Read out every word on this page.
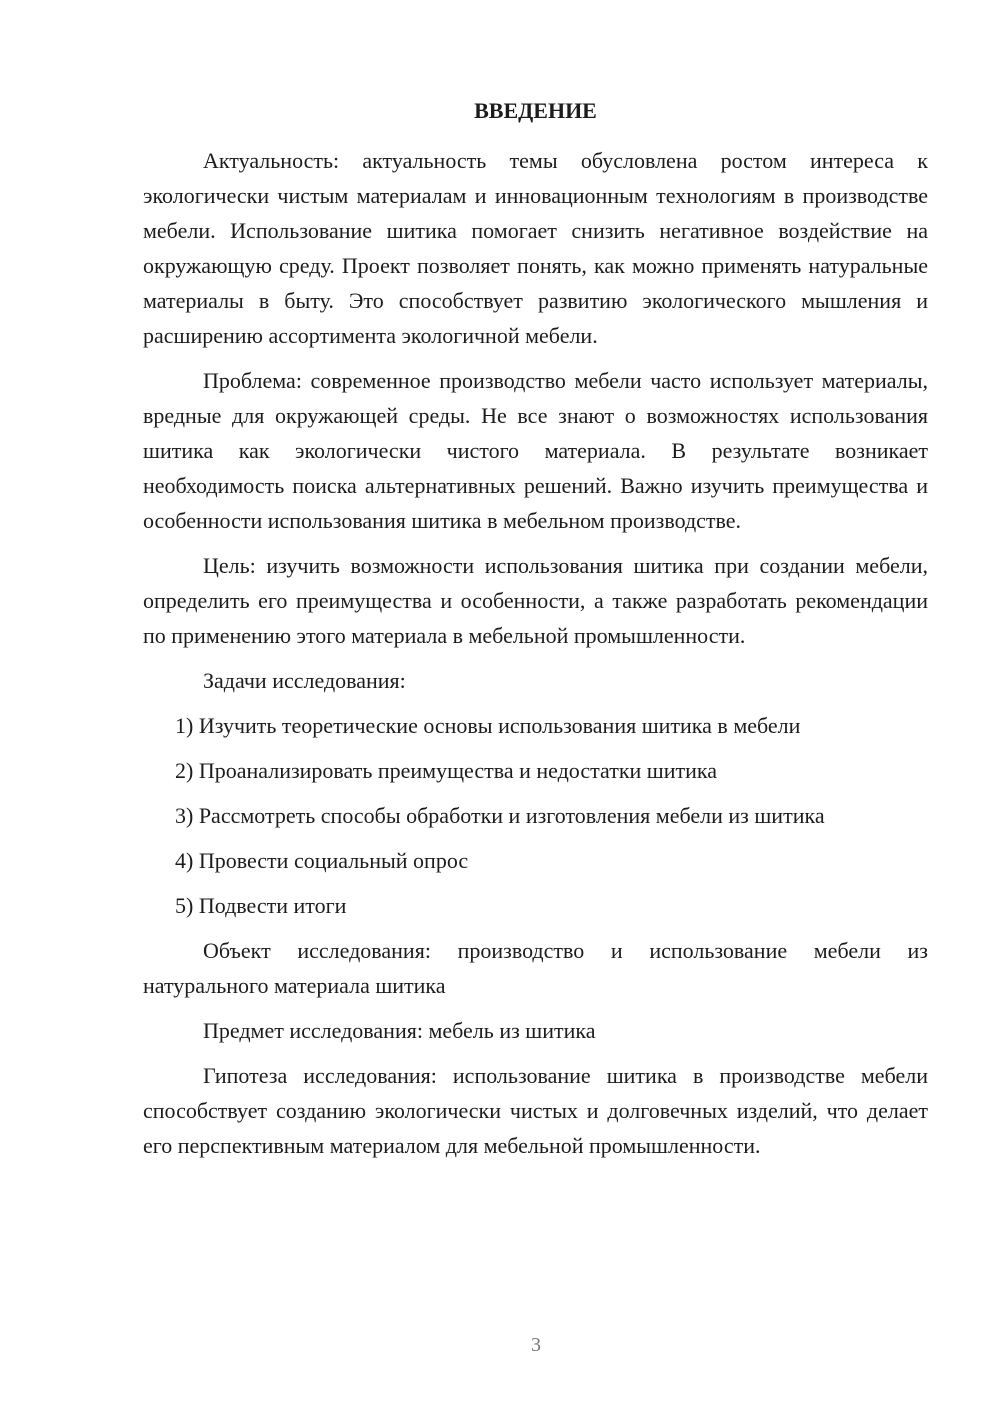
ВВЕДЕНИЕ

Актуальность: актуальность темы обусловлена ростом интереса к экологически чистым материалам и инновационным технологиям в производстве мебели. Использование шитика помогает снизить негативное воздействие на окружающую среду. Проект позволяет понять, как можно применять натуральные материалы в быту. Это способствует развитию экологического мышления и расширению ассортимента экологичной мебели.

Проблема: современное производство мебели часто использует материалы, вредные для окружающей среды. Не все знают о возможностях использования шитика как экологически чистого материала. В результате возникает необходимость поиска альтернативных решений. Важно изучить преимущества и особенности использования шитика в мебельном производстве.

Цель: изучить возможности использования шитика при создании мебели, определить его преимущества и особенности, а также разработать рекомендации по применению этого материала в мебельной промышленности.

Задачи исследования:

1) Изучить теоретические основы использования шитика в мебели

2) Проанализировать преимущества и недостатки шитика

3) Рассмотреть способы обработки и изготовления мебели из шитика

4) Провести социальный опрос

5) Подвести итоги

Объект исследования: производство и использование мебели из натурального материала шитика

Предмет исследования: мебель из шитика

Гипотеза исследования: использование шитика в производстве мебели способствует созданию экологически чистых и долговечных изделий, что делает его перспективным материалом для мебельной промышленности.

3
